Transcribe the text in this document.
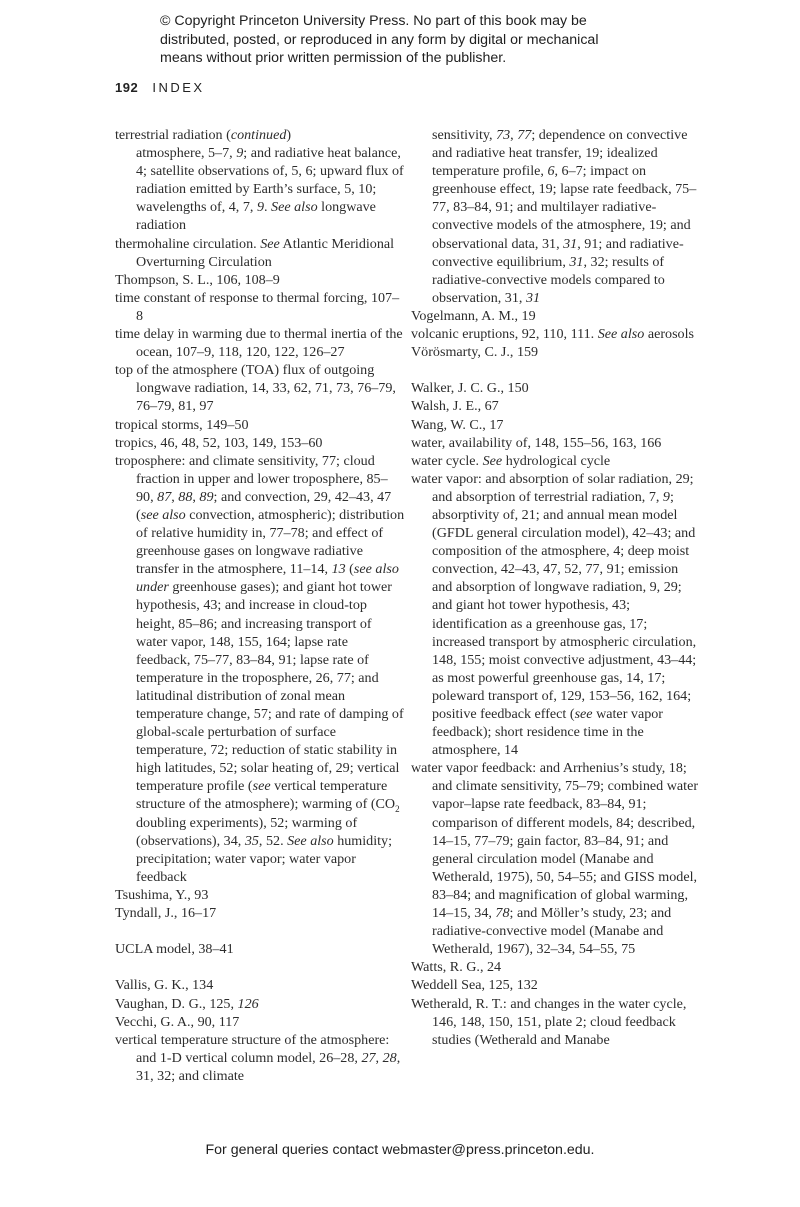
© Copyright Princeton University Press. No part of this book may be
distributed, posted, or reproduced in any form by digital or mechanical
means without prior written permission of the publisher.
192 INDEX

terrestrial radiation (continued)

atmosphere, 5–7, 9; and radiative heat balance, 4; satellite observations of, 5, 6; upward flux of radiation emitted by Earth’s surface, 5, 10; wavelengths of, 4, 7, 9. See also longwave radiation

thermohaline circulation. See Atlantic Meridional Overturning Circulation

Thompson, S. L., 106, 108–9

time constant of response to thermal forcing, 107–8

time delay in warming due to thermal inertia of the ocean, 107–9, 118, 120, 122, 126–27

top of the atmosphere (TOA) flux of outgoing longwave radiation, 14, 33, 62, 71, 73, 76–79, 76–79, 81, 97

tropical storms, 149–50

tropics, 46, 48, 52, 103, 149, 153–60

troposphere: and climate sensitivity, 77; cloud fraction in upper and lower troposphere, 85–90, 87, 88, 89; and convection, 29, 42–43, 47 (see also convection, atmospheric); distribution of relative humidity in, 77–78; and effect of greenhouse gases on longwave radiative transfer in the atmosphere, 11–14, 13 (see also under greenhouse gases); and giant hot tower hypothesis, 43; and increase in cloud-top height, 85–86; and increasing transport of water vapor, 148, 155, 164; lapse rate feedback, 75–77, 83–84, 91; lapse rate of temperature in the troposphere, 26, 77; and latitudinal distribution of zonal mean temperature change, 57; and rate of damping of global-scale perturbation of surface temperature, 72; reduction of static stability in high latitudes, 52; solar heating of, 29; vertical temperature profile (see vertical temperature structure of the atmosphere); warming of ($CO_2$ doubling experiments), 52; warming of (observations), 34, 35, 52. See also humidity; precipitation; water vapor; water vapor feedback

Tsushima, Y., 93

Tyndall, J., 16–17

UCLA model, 38–41

Vallis, G. K., 134

Vaughan, D. G., 125, 126

Vecchi, G. A., 90, 117

vertical temperature structure of the atmosphere: and 1-D vertical column model, 26–28, 27, 28, 31, 32; and climate

sensitivity, 73, 77; dependence on convective and radiative heat transfer, 19; idealized temperature profile, 6, 6–7; impact on greenhouse effect, 19; lapse rate feedback, 75–77, 83–84, 91; and multilayer radiative-convective models of the atmosphere, 19; and observational data, 31, 31, 91; and radiative-convective equilibrium, 31, 32; results of radiative-convective models compared to observation, 31, 31

Vogelmann, A. M., 19

volcanic eruptions, 92, 110, 111. See also aerosols

Vörösmarty, C. J., 159

Walker, J. C. G., 150

Walsh, J. E., 67

Wang, W. C., 17

water, availability of, 148, 155–56, 163, 166

water cycle. See hydrological cycle

water vapor: and absorption of solar radiation, 29; and absorption of terrestrial radiation, 7, 9; absorptivity of, 21; and annual mean model (GFDL general circulation model), 42–43; and composition of the atmosphere, 4; deep moist convection, 42–43, 47, 52, 77, 91; emission and absorption of longwave radiation, 9, 29; and giant hot tower hypothesis, 43; identification as a greenhouse gas, 17; increased transport by atmospheric circulation, 148, 155; moist convective adjustment, 43–44; as most powerful greenhouse gas, 14, 17; poleward transport of, 129, 153–56, 162, 164; positive feedback effect (see water vapor feedback); short residence time in the atmosphere, 14

water vapor feedback: and Arrhenius’s study, 18; and climate sensitivity, 75–79; combined water vapor–lapse rate feedback, 83–84, 91; comparison of different models, 84; described, 14–15, 77–79; gain factor, 83–84, 91; and general circulation model (Manabe and Wetherald, 1975), 50, 54–55; and GISS model, 83–84; and magnification of global warming, 14–15, 34, 78; and Möller’s study, 23; and radiative-convective model (Manabe and Wetherald, 1967), 32–34, 54–55, 75

Watts, R. G., 24

Weddell Sea, 125, 132

Wetherald, R. T.: and changes in the water cycle, 146, 148, 150, 151, plate 2; cloud feedback studies (Wetherald and Manabe

For general queries contact webmaster@press.princeton.edu.
